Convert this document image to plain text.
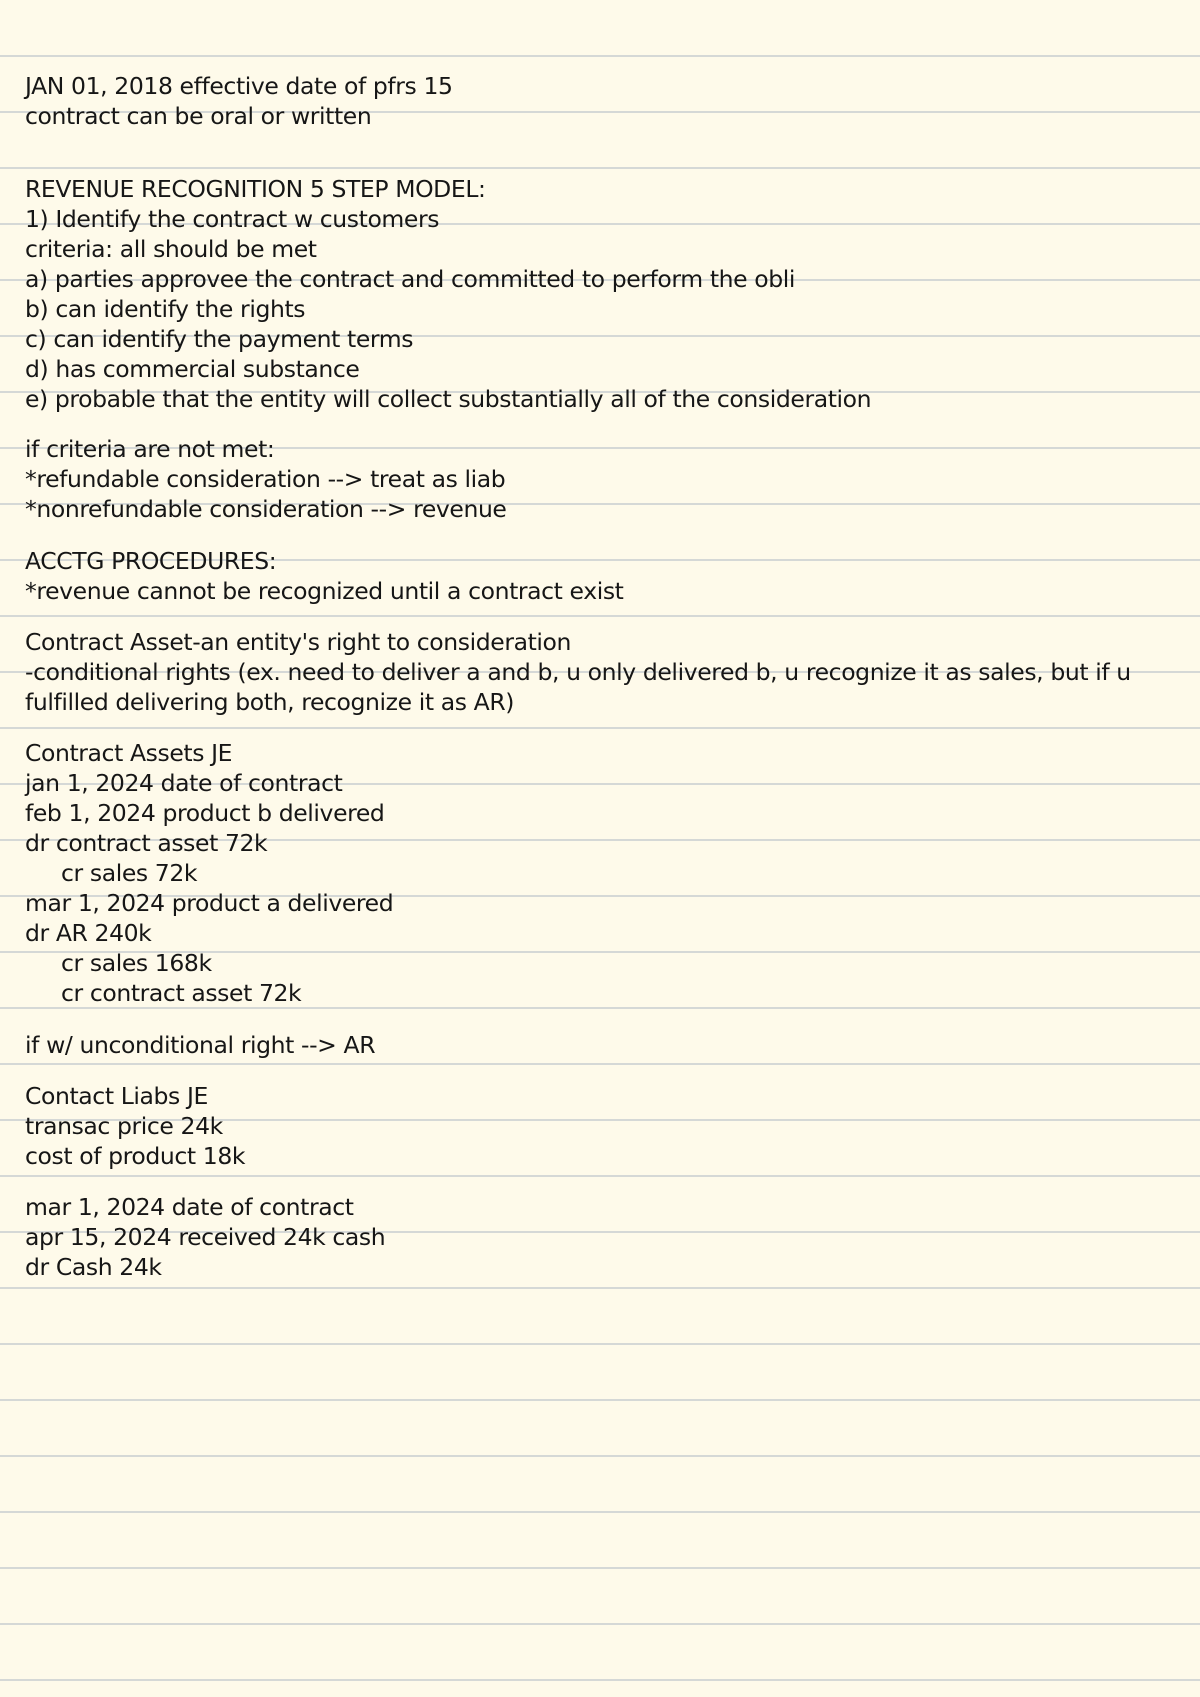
JAN 01, 2018 effective date of pfrs 15
contract can be oral or written
REVENUE RECOGNITION 5 STEP MODEL:
1) Identify the contract w customers
criteria: all should be met
a) parties approvee the contract and committed to perform the obli
b) can identify the rights
c) can identify the payment terms
d) has commercial substance
e) probable that the entity will collect substantially all of the consideration
if criteria are not met:
*refundable consideration --> treat as liab
*nonrefundable consideration --> revenue
ACCTG PROCEDURES:
*revenue cannot be recognized until a contract exist
Contract Asset-an entity's right to consideration
-conditional rights (ex. need to deliver a and b, u only delivered b, u recognize it as sales, but if u
fulfilled delivering both, recognize it as AR)
Contract Assets JE
jan 1, 2024 date of contract
feb 1, 2024 product b delivered
dr contract asset 72k
cr sales 72k
mar 1, 2024 product a delivered
dr AR 240k
cr sales 168k
cr contract asset 72k
if w/ unconditional right --> AR
Contact Liabs JE
transac price 24k
cost of product 18k
mar 1, 2024 date of contract
apr 15, 2024 received 24k cash
dr Cash 24k
